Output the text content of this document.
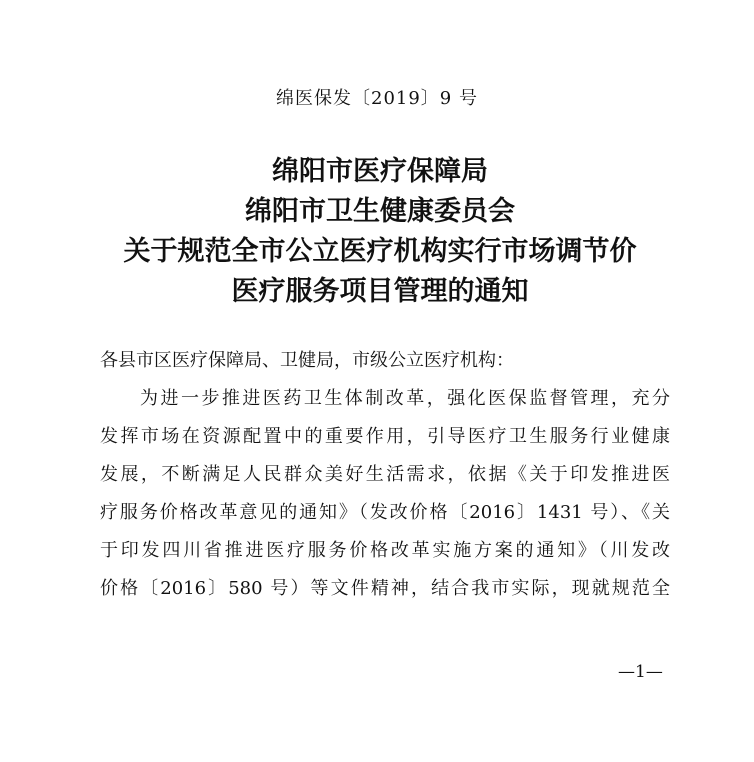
绵医保发〔2019〕9 号
绵阳市医疗保障局
绵阳市卫生健康委员会
关于规范全市公立医疗机构实行市场调节价
医疗服务项目管理的通知
各县市区医疗保障局、卫健局，市级公立医疗机构：
为进一步推进医药卫生体制改革，强化医保监督管理，充分
发挥市场在资源配置中的重要作用，引导医疗卫生服务行业健康
发展，不断满足人民群众美好生活需求，依据《关于印发推进医
疗服务价格改革意见的通知》（发改价格〔2016〕1431 号）、《关
于印发四川省推进医疗服务价格改革实施方案的通知》（川发改
价格〔2016〕580 号）等文件精神，结合我市实际，现就规范全
—1—
